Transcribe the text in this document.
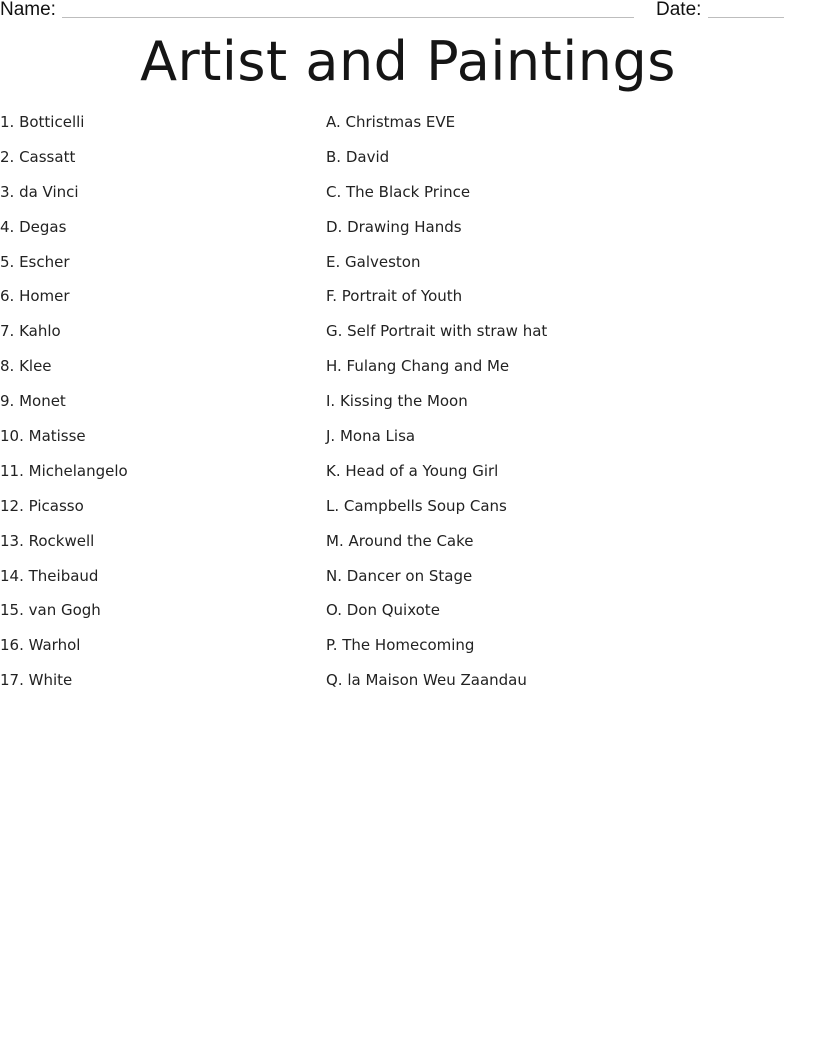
Name:	Date:
Artist and Paintings
1. Botticelli
2. Cassatt
3. da Vinci
4. Degas
5. Escher
6. Homer
7. Kahlo
8. Klee
9. Monet
10. Matisse
11. Michelangelo
12. Picasso
13. Rockwell
14. Theibaud
15. van Gogh
16. Warhol
17. White
A. Christmas EVE
B. David
C. The Black Prince
D. Drawing Hands
E. Galveston
F. Portrait of Youth
G. Self Portrait with straw hat
H. Fulang Chang and Me
I. Kissing the Moon
J. Mona Lisa
K. Head of a Young Girl
L. Campbells Soup Cans
M. Around the Cake
N. Dancer on Stage
O. Don Quixote
P. The Homecoming
Q. la Maison Weu Zaandau
